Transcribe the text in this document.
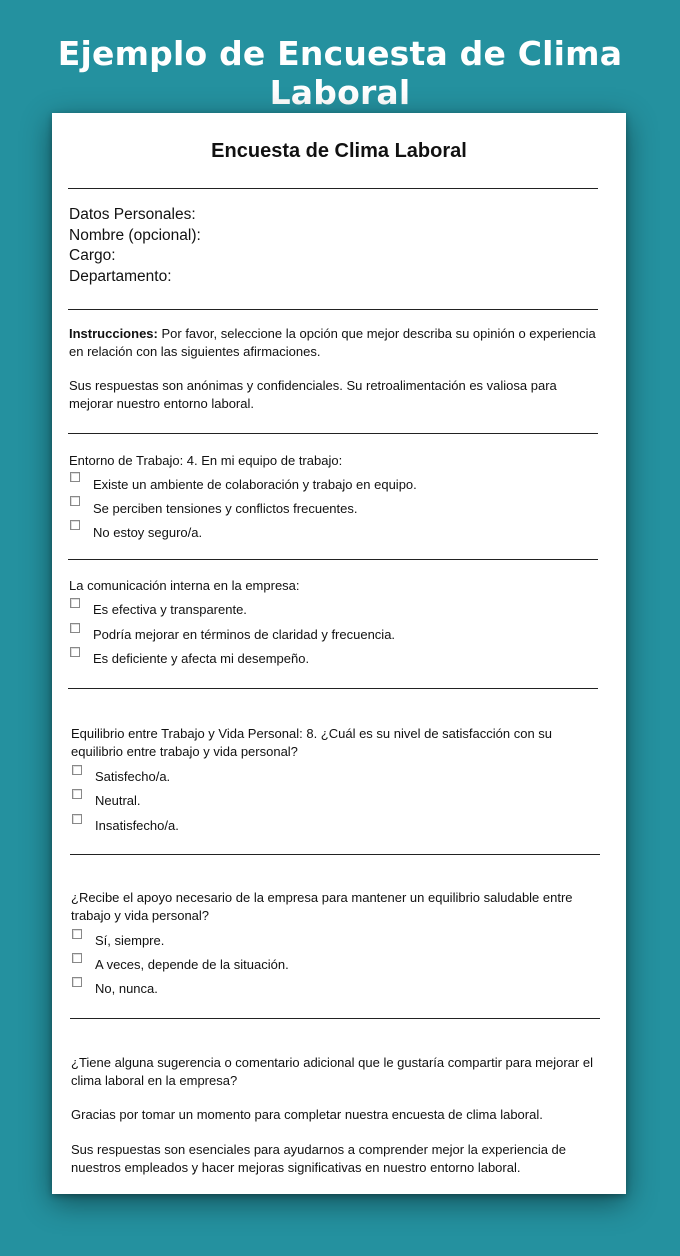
Ejemplo de Encuesta de Clima Laboral
Encuesta de Clima Laboral
Datos Personales:
Nombre (opcional):
Cargo:
Departamento:
Instrucciones: Por favor, seleccione la opción que mejor describa su opinión o experiencia en relación con las siguientes afirmaciones.
Sus respuestas son anónimas y confidenciales. Su retroalimentación es valiosa para mejorar nuestro entorno laboral.
Entorno de Trabajo: 4. En mi equipo de trabajo:
Existe un ambiente de colaboración y trabajo en equipo.
Se perciben tensiones y conflictos frecuentes.
No estoy seguro/a.
La comunicación interna en la empresa:
Es efectiva y transparente.
Podría mejorar en términos de claridad y frecuencia.
Es deficiente y afecta mi desempeño.
Equilibrio entre Trabajo y Vida Personal: 8. ¿Cuál es su nivel de satisfacción con su equilibrio entre trabajo y vida personal?
Satisfecho/a.
Neutral.
Insatisfecho/a.
¿Recibe el apoyo necesario de la empresa para mantener un equilibrio saludable entre trabajo y vida personal?
Sí, siempre.
A veces, depende de la situación.
No, nunca.
¿Tiene alguna sugerencia o comentario adicional que le gustaría compartir para mejorar el clima laboral en la empresa?
Gracias por tomar un momento para completar nuestra encuesta de clima laboral.
Sus respuestas son esenciales para ayudarnos a comprender mejor la experiencia de nuestros empleados y hacer mejoras significativas en nuestro entorno laboral.
